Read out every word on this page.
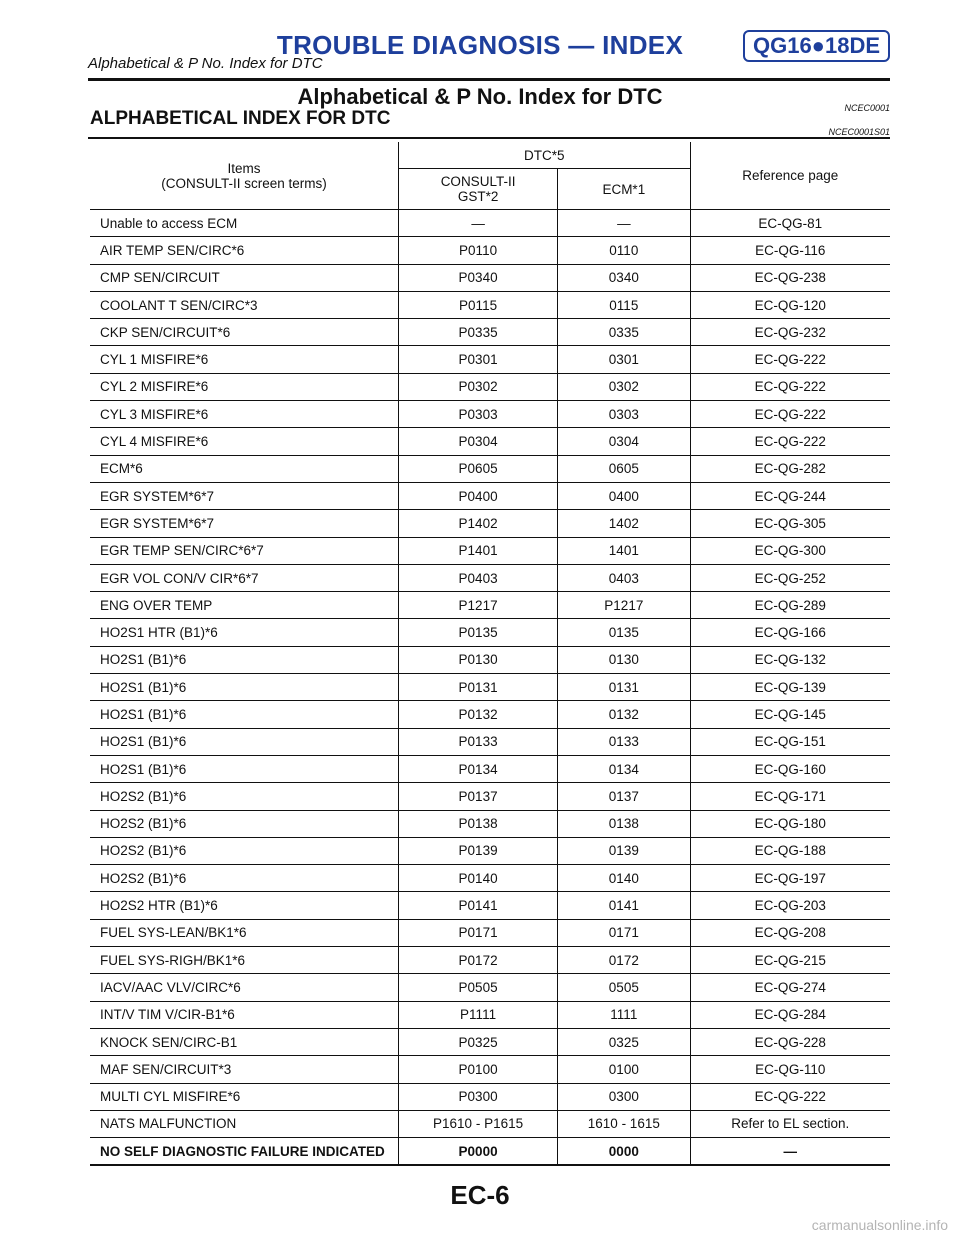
TROUBLE DIAGNOSIS — INDEX	QG16●18DE
Alphabetical & P No. Index for DTC
Alphabetical & P No. Index for DTC	NCEC0001
ALPHABETICAL INDEX FOR DTC
NCEC0001S01
Items
(CONSULT-II screen terms)	DTC*5		Reference page
	CONSULT-II
GST*2	ECM*1	
Unable to access ECM	—	—	EC-QG-81
AIR TEMP SEN/CIRC*6	P0110	0110	EC-QG-116
CMP SEN/CIRCUIT	P0340	0340	EC-QG-238
COOLANT T SEN/CIRC*3	P0115	0115	EC-QG-120
CKP SEN/CIRCUIT*6	P0335	0335	EC-QG-232
CYL 1 MISFIRE*6	P0301	0301	EC-QG-222
CYL 2 MISFIRE*6	P0302	0302	EC-QG-222
CYL 3 MISFIRE*6	P0303	0303	EC-QG-222
CYL 4 MISFIRE*6	P0304	0304	EC-QG-222
ECM*6	P0605	0605	EC-QG-282
EGR SYSTEM*6*7	P0400	0400	EC-QG-244
EGR SYSTEM*6*7	P1402	1402	EC-QG-305
EGR TEMP SEN/CIRC*6*7	P1401	1401	EC-QG-300
EGR VOL CON/V CIR*6*7	P0403	0403	EC-QG-252
ENG OVER TEMP	P1217	P1217	EC-QG-289
HO2S1 HTR (B1)*6	P0135	0135	EC-QG-166
HO2S1 (B1)*6	P0130	0130	EC-QG-132
HO2S1 (B1)*6	P0131	0131	EC-QG-139
HO2S1 (B1)*6	P0132	0132	EC-QG-145
HO2S1 (B1)*6	P0133	0133	EC-QG-151
HO2S1 (B1)*6	P0134	0134	EC-QG-160
HO2S2 (B1)*6	P0137	0137	EC-QG-171
HO2S2 (B1)*6	P0138	0138	EC-QG-180
HO2S2 (B1)*6	P0139	0139	EC-QG-188
HO2S2 (B1)*6	P0140	0140	EC-QG-197
HO2S2 HTR (B1)*6	P0141	0141	EC-QG-203
FUEL SYS-LEAN/BK1*6	P0171	0171	EC-QG-208
FUEL SYS-RIGH/BK1*6	P0172	0172	EC-QG-215
IACV/AAC VLV/CIRC*6	P0505	0505	EC-QG-274
INT/V TIM V/CIR-B1*6	P1111	1111	EC-QG-284
KNOCK SEN/CIRC-B1	P0325	0325	EC-QG-228
MAF SEN/CIRCUIT*3	P0100	0100	EC-QG-110
MULTI CYL MISFIRE*6	P0300	0300	EC-QG-222
NATS MALFUNCTION	P1610 - P1615	1610 - 1615	Refer to EL section.
NO SELF DIAGNOSTIC FAILURE INDICATED	P0000	0000	—
EC-6
carmanualsonline.info
